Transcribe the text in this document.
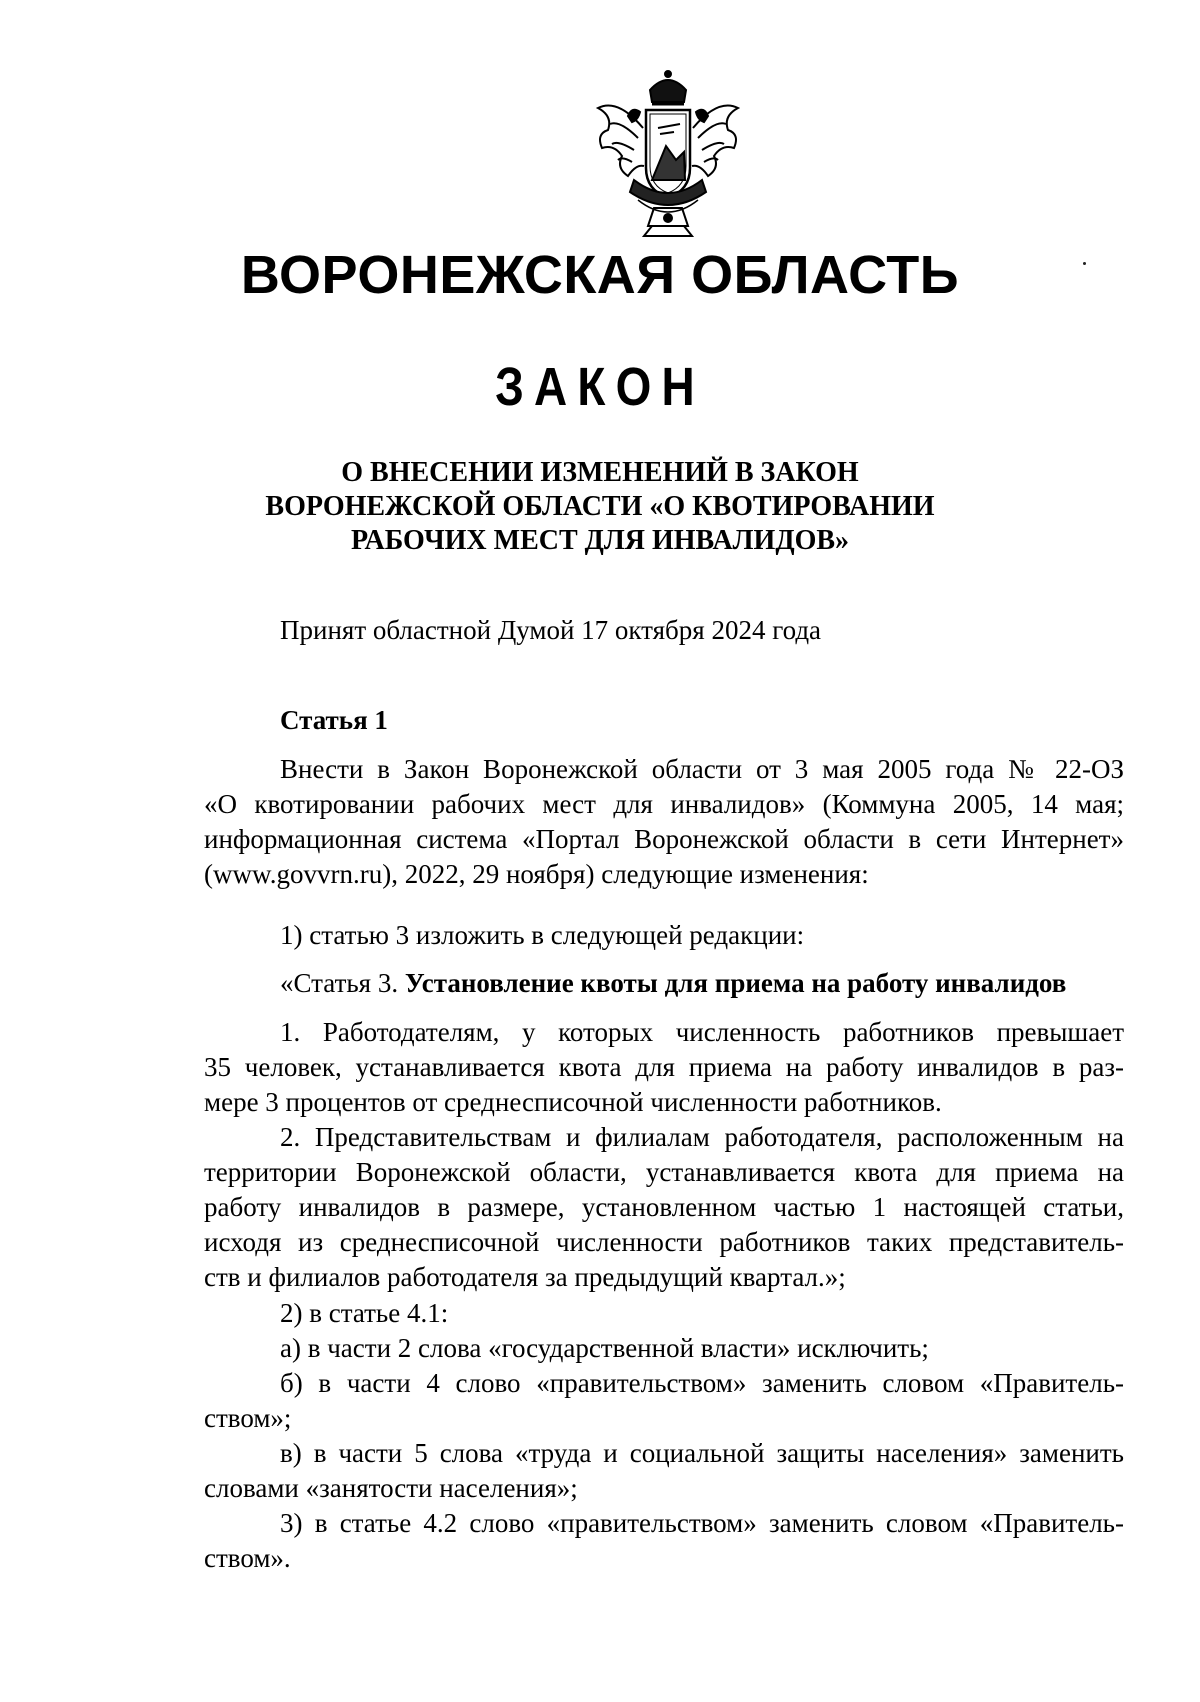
ВОРОНЕЖСКАЯ ОБЛАСТЬ
ЗАКОН
О ВНЕСЕНИИ ИЗМЕНЕНИЙ В ЗАКОН
ВОРОНЕЖСКОЙ ОБЛАСТИ «О КВОТИРОВАНИИ
РАБОЧИХ МЕСТ ДЛЯ ИНВАЛИДОВ»

Принят областной Думой 17 октября 2024 года

Статья 1

Внести в Закон Воронежской области от 3 мая 2005 года № 22-ОЗ

«О квотировании рабочих мест для инвалидов» (Коммуна 2005, 14 мая;

информационная система «Портал Воронежской области в сети Интернет»

(www.govvrn.ru), 2022, 29 ноября) следующие изменения:

1) статью 3 изложить в следующей редакции:

«Статья 3. Установление квоты для приема на работу инвалидов

1. Работодателям, у которых численность работников превышает

35 человек, устанавливается квота для приема на работу инвалидов в раз-

мере 3 процентов от среднесписочной численности работников.

2. Представительствам и филиалам работодателя, расположенным на

территории Воронежской области, устанавливается квота для приема на

работу инвалидов в размере, установленном частью 1 настоящей статьи,

исходя из среднесписочной численности работников таких представитель-

ств и филиалов работодателя за предыдущий квартал.»;

2) в статье 4.1:

а) в части 2 слова «государственной власти» исключить;

б) в части 4 слово «правительством» заменить словом «Правитель-

ством»;

в) в части 5 слова «труда и социальной защиты населения» заменить

словами «занятости населения»;

3) в статье 4.2 слово «правительством» заменить словом «Правитель-

ством».
